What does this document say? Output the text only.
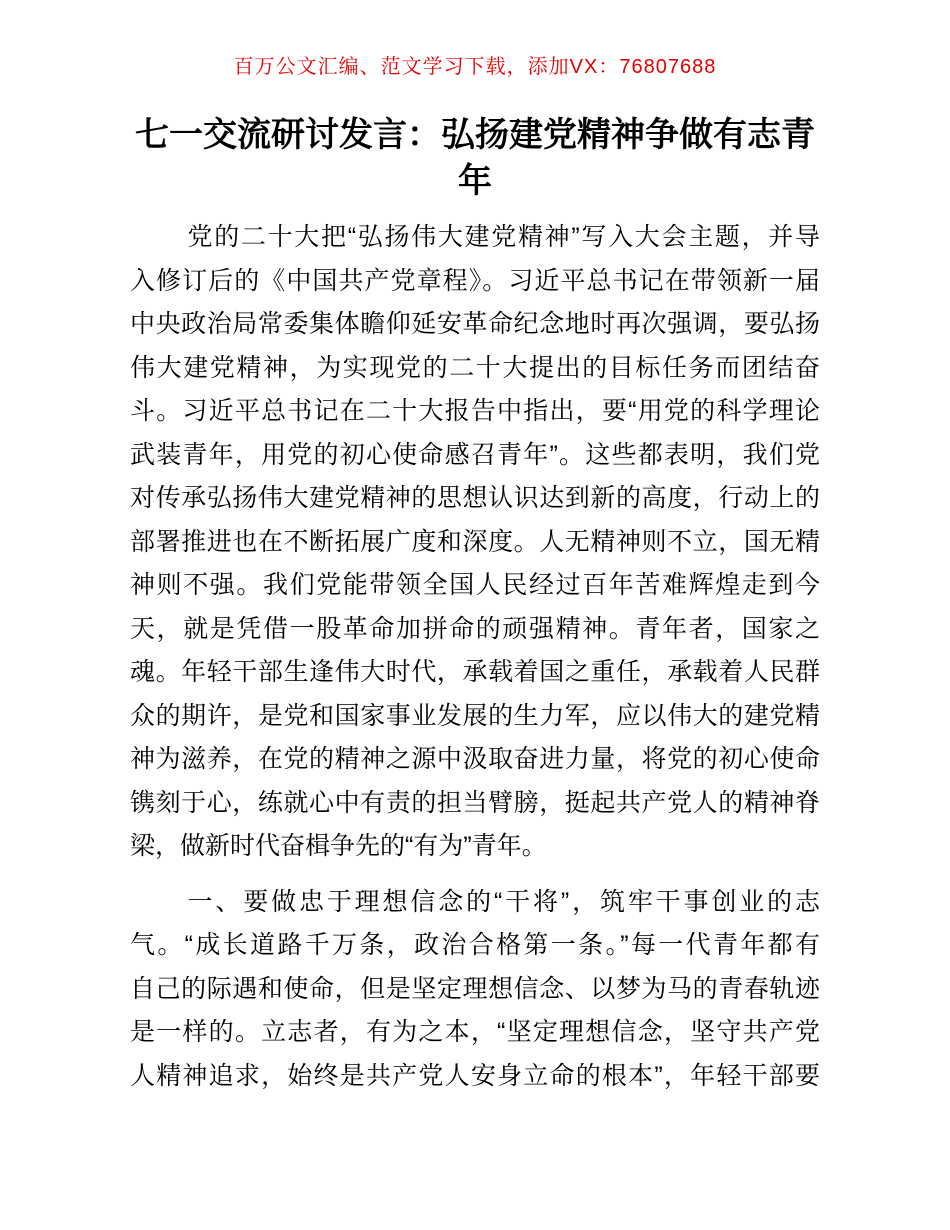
百万公文汇编、范文学习下载，添加VX：76807688
七一交流研讨发言：弘扬建党精神争做有志青
年
党的二十大把“弘扬伟大建党精神”写入大会主题，并导
入修订后的《中国共产党章程》。习近平总书记在带领新一届
中央政治局常委集体瞻仰延安革命纪念地时再次强调，要弘扬
伟大建党精神，为实现党的二十大提出的目标任务而团结奋
斗。习近平总书记在二十大报告中指出，要“用党的科学理论
武装青年，用党的初心使命感召青年”。这些都表明，我们党
对传承弘扬伟大建党精神的思想认识达到新的高度，行动上的
部署推进也在不断拓展广度和深度。人无精神则不立，国无精
神则不强。我们党能带领全国人民经过百年苦难辉煌走到今
天，就是凭借一股革命加拼命的顽强精神。青年者，国家之
魂。年轻干部生逢伟大时代，承载着国之重任，承载着人民群
众的期许，是党和国家事业发展的生力军，应以伟大的建党精
神为滋养，在党的精神之源中汲取奋进力量，将党的初心使命
镌刻于心，练就心中有责的担当臂膀，挺起共产党人的精神脊
梁，做新时代奋楫争先的“有为”青年。
一、要做忠于理想信念的“干将”，筑牢干事创业的志
气。“成长道路千万条，政治合格第一条。”每一代青年都有
自己的际遇和使命，但是坚定理想信念、以梦为马的青春轨迹
是一样的。立志者，有为之本，“坚定理想信念，坚守共产党
人精神追求，始终是共产党人安身立命的根本”，年轻干部要
